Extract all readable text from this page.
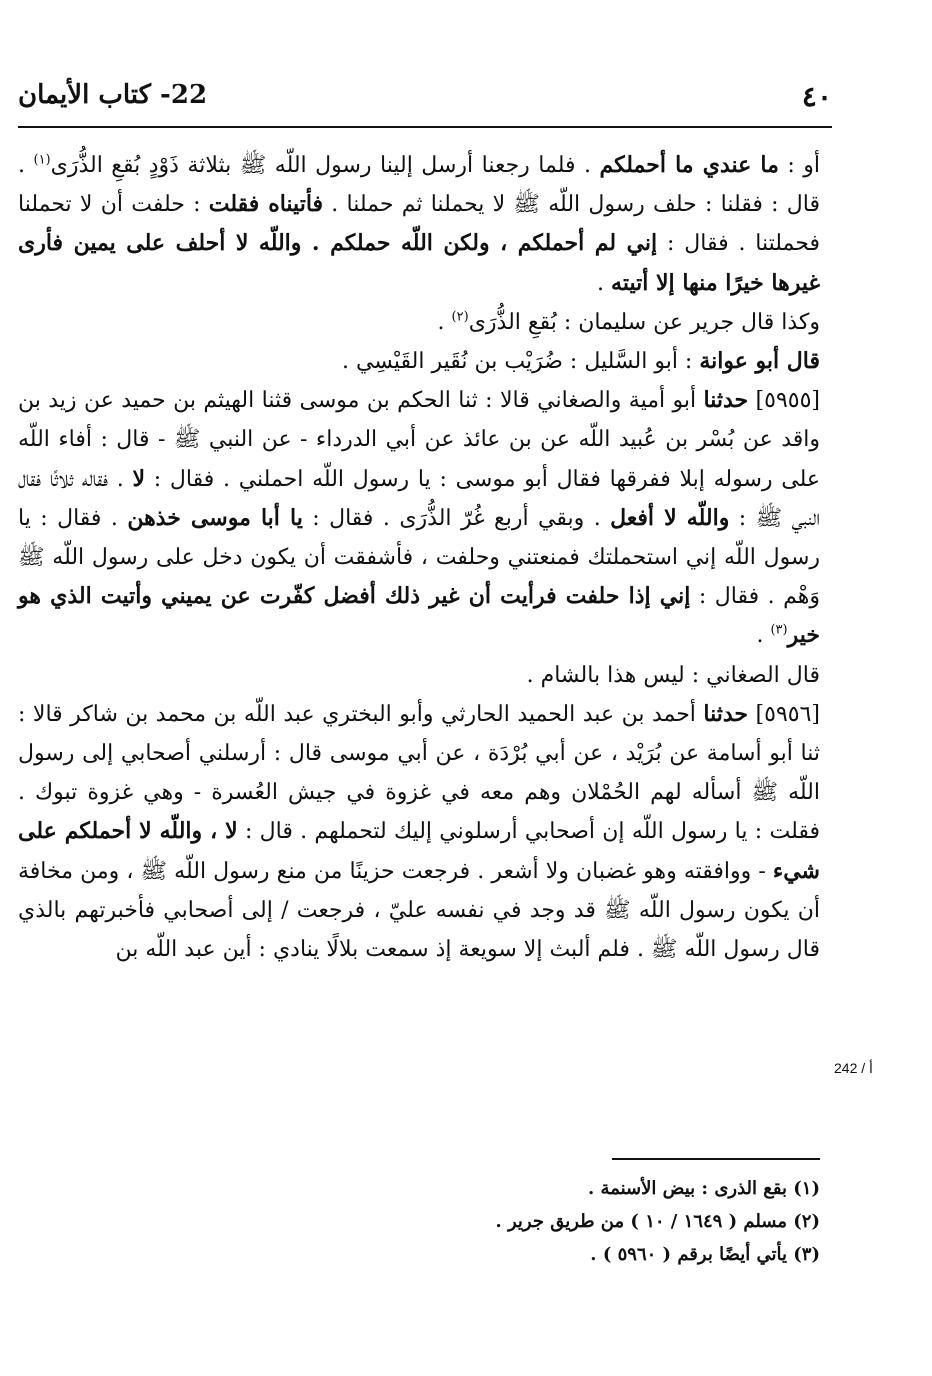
٤٠
22- كتاب الأيمان

أو : ما عندي ما أحملكم . فلما رجعنا أرسل إلينا رسول اللّه ﷺ بثلاثة ذَوْدٍ بُقعِ الذُّرَى$^{(١)}$ . قال : فقلنا : حلف رسول اللّه ﷺ لا يحملنا ثم حملنا . فأتيناه فقلت : حلفت أن لا تحملنا فحملتنا . فقال : إني لم أحملكم ، ولكن اللّه حملكم . واللّه لا أحلف على يمين فأرى غيرها خيرًا منها إلا أتيته .

وكذا قال جرير عن سليمان : بُقعِ الذُّرَى$^{(٢)}$ .

قال أبو عوانة : أبو السَّليل : ضُرَيْب بن نُقَير القَيْسِي .

[٥٩٥٥] حدثنا أبو أمية والصغاني قالا : ثنا الحكم بن موسى قثنا الهيثم بن حميد عن زيد بن واقد عن بُسْر بن عُبيد اللّه عن بن عائذ عن أبي الدرداء - عن النبي ﷺ - قال : أفاء اللّه على رسوله إبلا ففرقها فقال أبو موسى : يا رسول اللّه احملني . فقال : لا . فقاله ثلاثًا فقال النبي ﷺ : واللّه لا أفعل . وبقي أربع غُرّ الذُّرَى . فقال : يا أبا موسى خذهن . فقال : يا رسول اللّه إني استحملتك فمنعتني وحلفت ، فأشفقت أن يكون دخل على رسول اللّه ﷺ وَهْم . فقال : إني إذا حلفت فرأيت أن غير ذلك أفضل كفّرت عن يميني وأتيت الذي هو خير$^{(٣)}$ .

قال الصغاني : ليس هذا بالشام .

[٥٩٥٦] حدثنا أحمد بن عبد الحميد الحارثي وأبو البختري عبد اللّه بن محمد بن شاكر قالا : ثنا أبو أسامة عن بُرَيْد ، عن أبي بُرْدَة ، عن أبي موسى قال : أرسلني أصحابي إلى رسول اللّه ﷺ أسأله لهم الحُمْلان وهم معه في غزوة في جيش العُسرة - وهي غزوة تبوك . فقلت : يا رسول اللّه إن أصحابي أرسلوني إليك لتحملهم . قال : لا ، واللّه لا أحملكم على شيء - ووافقته وهو غضبان ولا أشعر . فرجعت حزينًا من منع رسول اللّه ﷺ ، ومن مخافة أن يكون رسول اللّه ﷺ قد وجد في نفسه عليّ ، فرجعت / إلى أصحابي فأخبرتهم بالذي قال رسول اللّه ﷺ . فلم ألبث إلا سويعة إذ سمعت بلالًا ينادي : أين عبد اللّه بن

242 / أ

(١) بقع الذرى : بيض الأسنمة .

(٢) مسلم ( ١٦٤٩ / ١٠ ) من طريق جرير .

(٣) يأتي أيضًا برقم ( ٥٩٦٠ ) .
